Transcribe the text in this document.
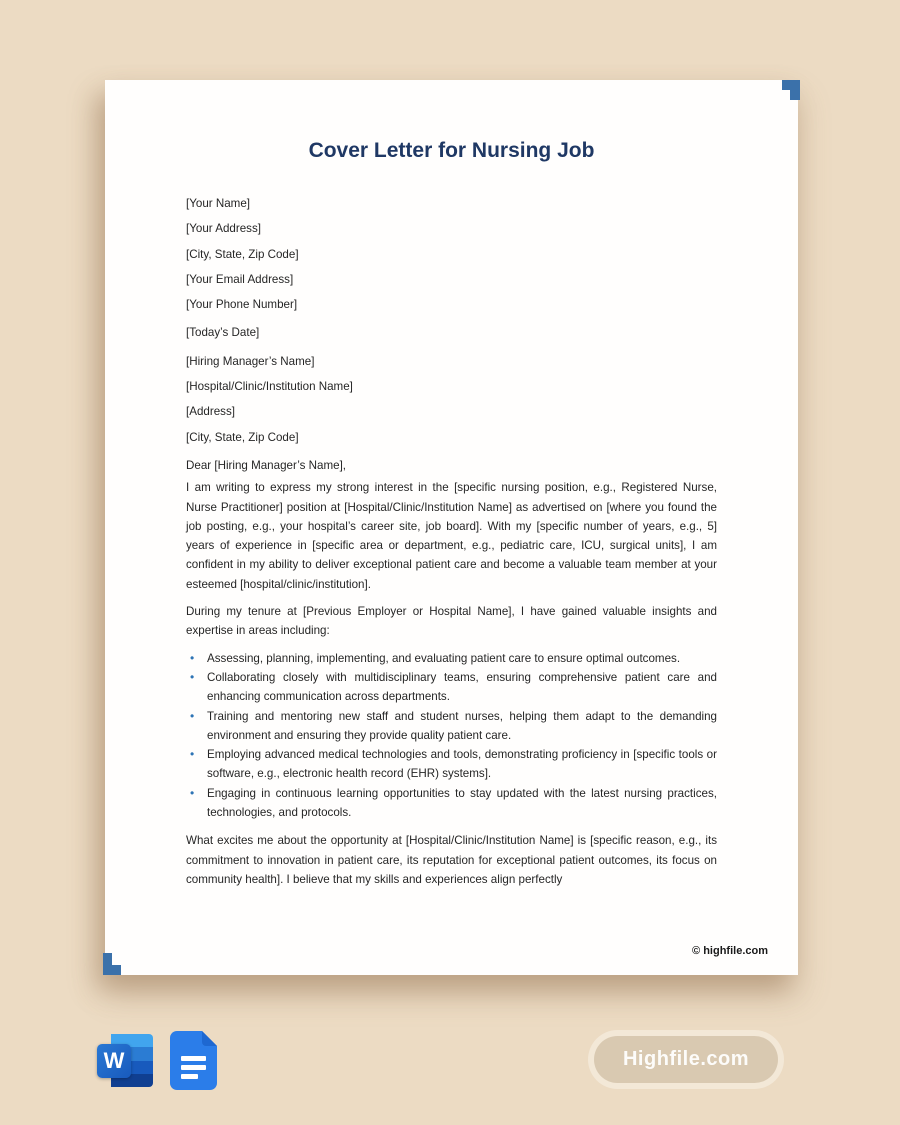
Cover Letter for Nursing Job

[Your Name]

[Your Address]

[City, State, Zip Code]

[Your Email Address]

[Your Phone Number]

[Today’s Date]

[Hiring Manager’s Name]

[Hospital/Clinic/Institution Name]

[Address]

[City, State, Zip Code]

Dear [Hiring Manager’s Name],

I am writing to express my strong interest in the [specific nursing position, e.g., Registered Nurse, Nurse Practitioner] position at [Hospital/Clinic/Institution Name] as advertised on [where you found the job posting, e.g., your hospital’s career site, job board]. With my [specific number of years, e.g., 5] years of experience in [specific area or department, e.g., pediatric care, ICU, surgical units], I am confident in my ability to deliver exceptional patient care and become a valuable team member at your esteemed [hospital/clinic/institution].

During my tenure at [Previous Employer or Hospital Name], I have gained valuable insights and expertise in areas including:

• Assessing, planning, implementing, and evaluating patient care to ensure optimal outcomes.
• Collaborating closely with multidisciplinary teams, ensuring comprehensive patient care and enhancing communication across departments.
• Training and mentoring new staff and student nurses, helping them adapt to the demanding environment and ensuring they provide quality patient care.
• Employing advanced medical technologies and tools, demonstrating proficiency in [specific tools or software, e.g., electronic health record (EHR) systems].
• Engaging in continuous learning opportunities to stay updated with the latest nursing practices, technologies, and protocols.

What excites me about the opportunity at [Hospital/Clinic/Institution Name] is [specific reason, e.g., its commitment to innovation in patient care, its reputation for exceptional patient outcomes, its focus on community health]. I believe that my skills and experiences align perfectly

© highfile.com
W	Highfile.com
